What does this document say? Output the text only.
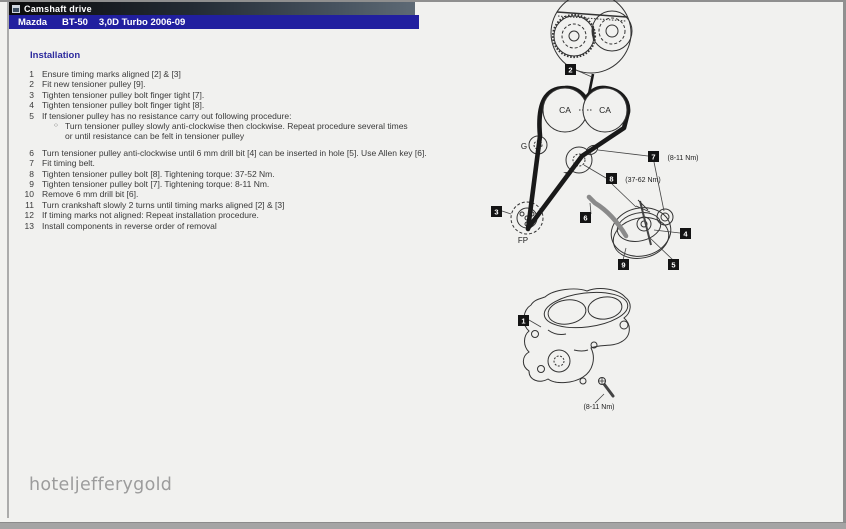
Camshaft drive
Mazda BT-50 3,0D Turbo 2006-09
Installation
1 Ensure timing marks aligned [2] & [3]
2 Fit new tensioner pulley [9].
3 Tighten tensioner pulley bolt finger tight [7].
4 Tighten tensioner pulley bolt finger tight [8].
5 If tensioner pulley has no resistance carry out following procedure:
○ Turn tensioner pulley slowly anti-clockwise then clockwise. Repeat procedure several times or until resistance can be felt in tensioner pulley
6 Turn tensioner pulley anti-clockwise until 6 mm drill bit [4] can be inserted in hole [5]. Use Allen key [6].
7 Fit timing belt.
8 Tighten tensioner pulley bolt [8]. Tightening torque: 37-52 Nm.
9 Tighten tensioner pulley bolt [7]. Tightening torque: 8-11 Nm.
10 Remove 6 mm drill bit [6].
11 Turn crankshaft slowly 2 turns until timing marks aligned [2] & [3]
12 If timing marks not aligned: Repeat installation procedure.
13 Install components in reverse order of removal
2
3
7 (8-11 Nm)
8 (37-62 Nm)
6
4
5
9
1
(8-11 Nm)
CA	CA
G
T
FP
hoteljefferygold
